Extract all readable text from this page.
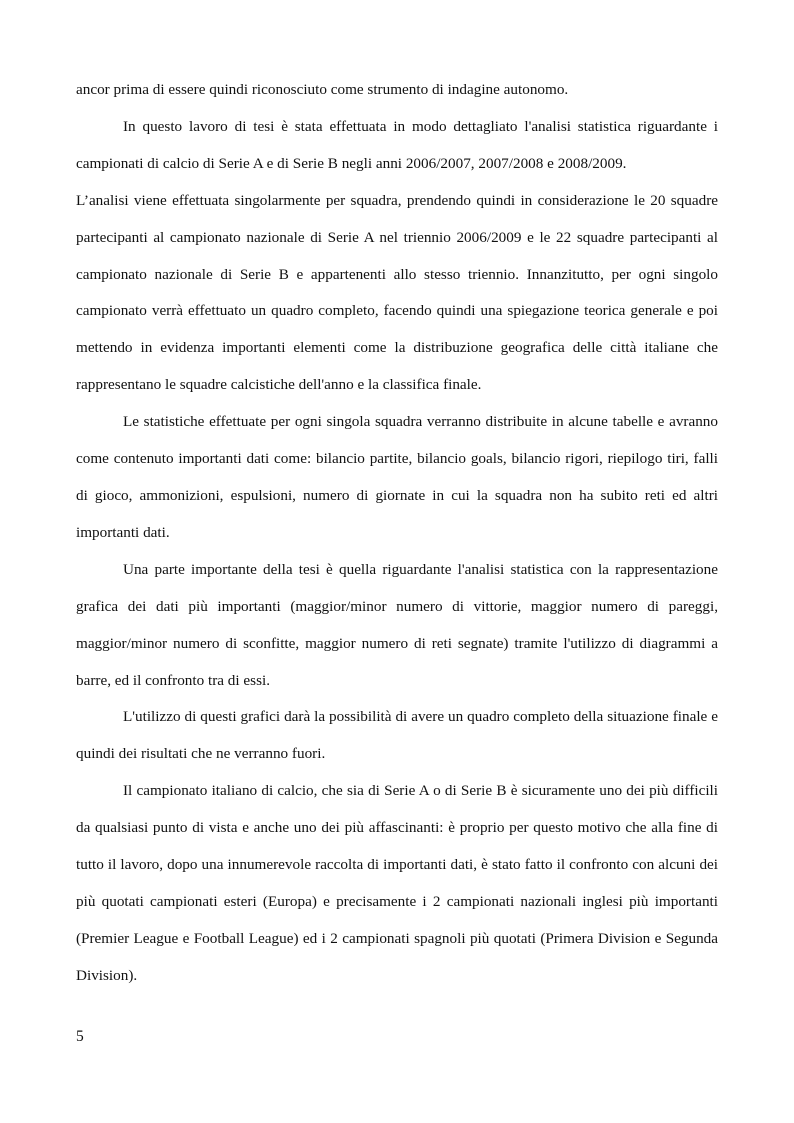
ancor prima di essere quindi riconosciuto come strumento di indagine autonomo.

In questo lavoro di tesi è stata effettuata in modo dettagliato l'analisi statistica riguardante i campionati di calcio di Serie A e di Serie B negli anni 2006/2007, 2007/2008 e 2008/2009.

L’analisi viene effettuata singolarmente per squadra, prendendo quindi in considerazione le 20 squadre partecipanti al campionato nazionale di Serie A nel triennio 2006/2009 e le 22 squadre partecipanti al campionato nazionale di Serie B e appartenenti allo stesso triennio. Innanzitutto, per ogni singolo campionato verrà effettuato un quadro completo, facendo quindi una spiegazione teorica generale e poi mettendo in evidenza importanti elementi come la distribuzione geografica delle città italiane che rappresentano le squadre calcistiche dell'anno e la classifica finale.

Le statistiche effettuate per ogni singola squadra verranno distribuite in alcune tabelle e avranno come contenuto importanti dati come: bilancio partite, bilancio goals, bilancio rigori, riepilogo tiri, falli di gioco, ammonizioni, espulsioni, numero di giornate in cui la squadra non ha subito reti ed altri importanti dati.

Una parte importante della tesi è quella riguardante l'analisi statistica con la rappresentazione grafica dei dati più importanti (maggior/minor numero di vittorie, maggior numero di pareggi, maggior/minor numero di sconfitte, maggior numero di reti segnate) tramite l'utilizzo di diagrammi a barre, ed il confronto tra di essi.

L'utilizzo di questi grafici darà la possibilità di avere un quadro completo della situazione finale e quindi dei risultati che ne verranno fuori.

Il campionato italiano di calcio, che sia di Serie A o di Serie B è sicuramente uno dei più difficili da qualsiasi punto di vista e anche uno dei più affascinanti: è proprio per questo motivo che alla fine di tutto il lavoro, dopo una innumerevole raccolta di importanti dati, è stato fatto il confronto con alcuni dei più quotati campionati esteri (Europa) e precisamente i 2 campionati nazionali inglesi più importanti (Premier League e Football League) ed i 2 campionati spagnoli più quotati (Primera Division e Segunda Division).

5
